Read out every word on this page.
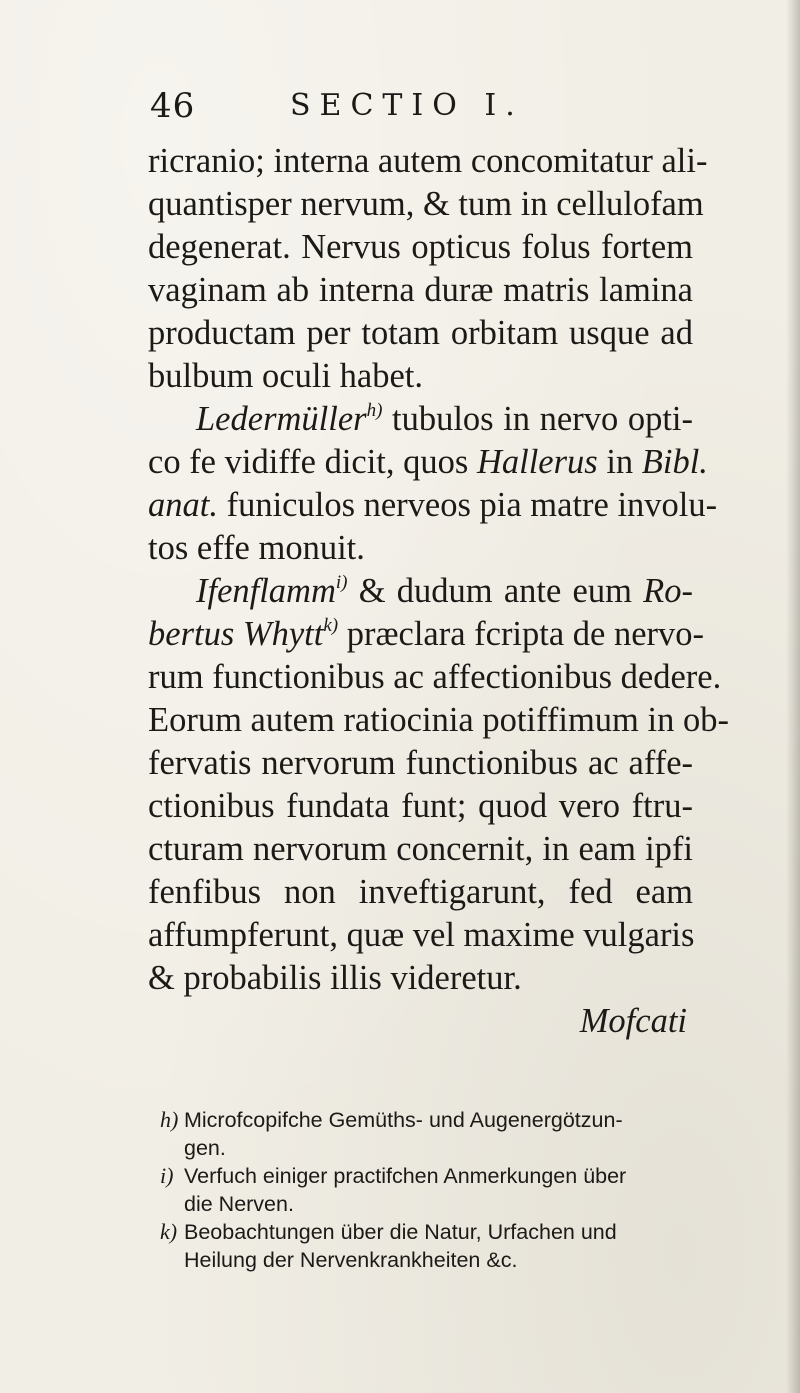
46	SECTIO I.
ricranio; interna autem concomitatur ali-
quantisper nervum, & tum in cellulofam
degenerat. Nervus opticus folus fortem
vaginam ab interna duræ matris lamina
productam per totam orbitam usque ad
bulbum oculi habet.
Ledermüller$^{h)}$ tubulos in nervo opti-
co fe vidiffe dicit, quos Hallerus in Bibl.
anat. funiculos nerveos pia matre involu-
tos effe monuit.
Ifenflamm$^{i)}$ & dudum ante eum Ro-
bertus Whytt$^{k)}$ præclara fcripta de nervo-
rum functionibus ac affectionibus dedere.
Eorum autem ratiocinia potiffimum in ob-
fervatis nervorum functionibus ac affe-
ctionibus fundata funt; quod vero ftru-
cturam nervorum concernit, in eam ipfi
fenfibus non inveftigarunt, fed eam
affumpferunt, quæ vel maxime vulgaris
& probabilis illis videretur.
Mofcati
h) Microfcopifche Gemüths- und Augenergötzun-
gen.
i) Verfuch einiger practifchen Anmerkungen über
die Nerven.
k) Beobachtungen über die Natur, Urfachen und
Heilung der Nervenkrankheiten &c.
